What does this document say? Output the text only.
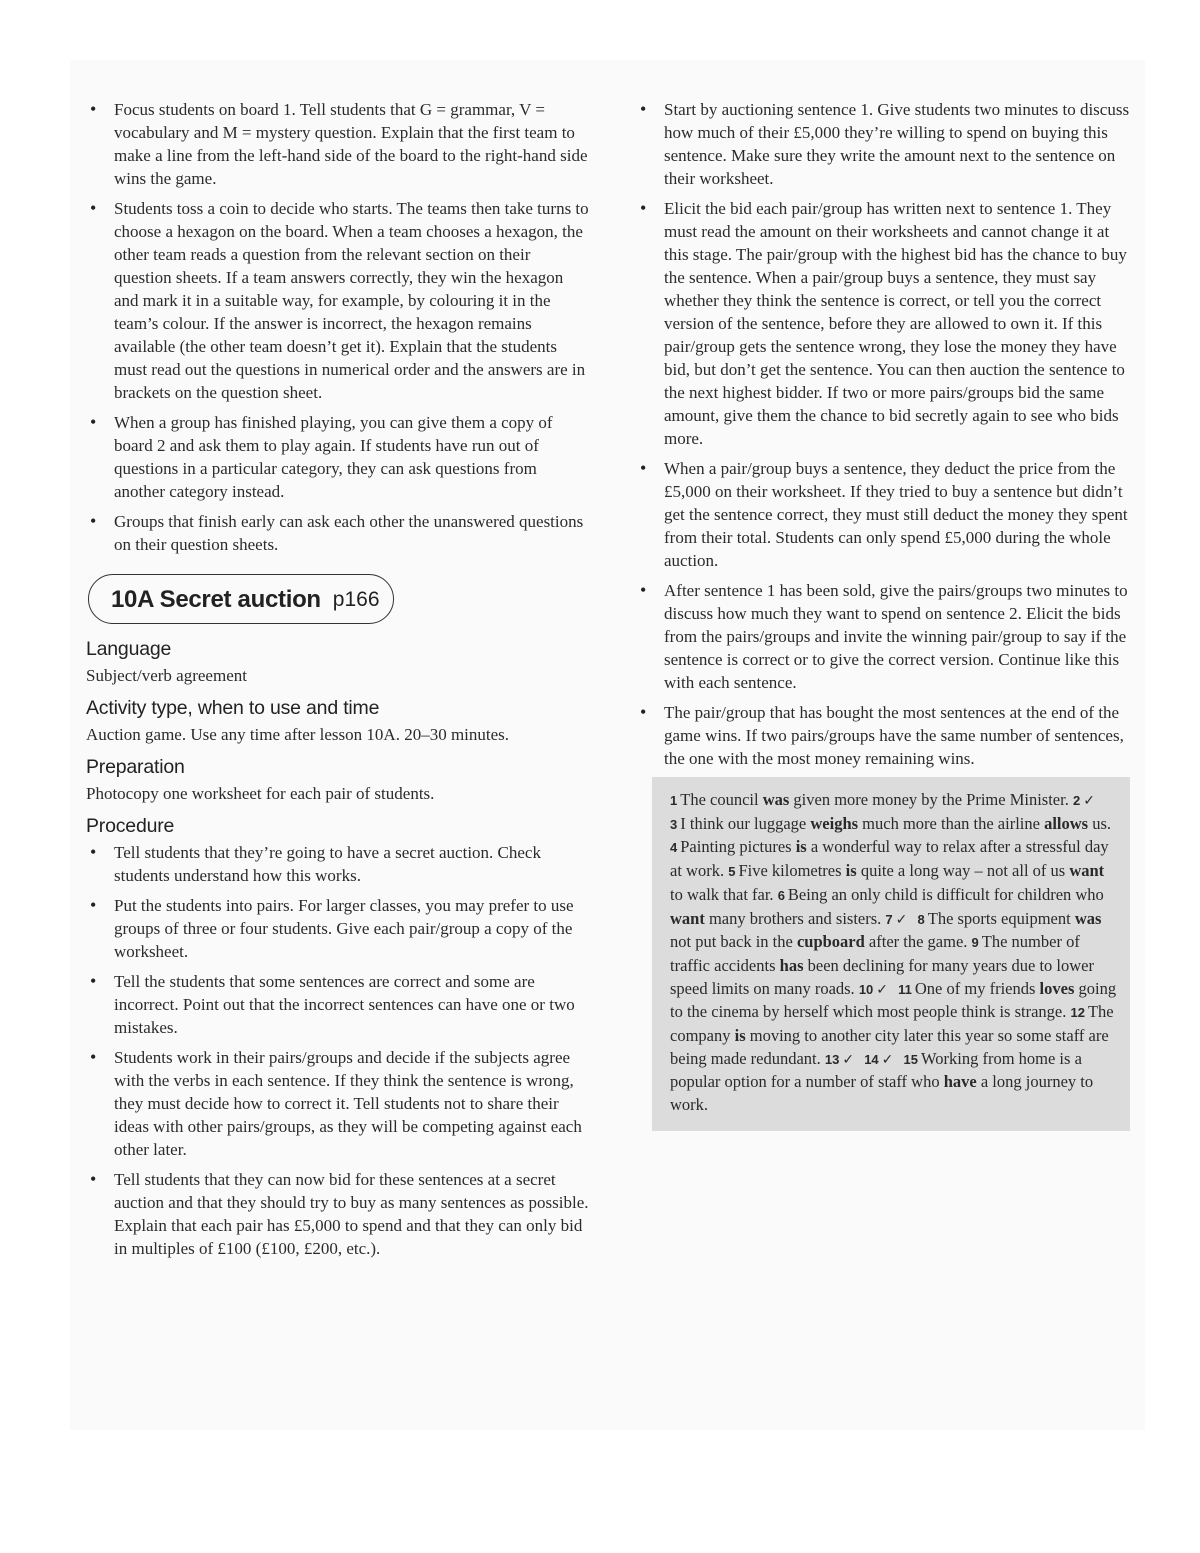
• Focus students on board 1. Tell students that G = grammar, V = vocabulary and M = mystery question. Explain that the first team to make a line from the left-hand side of the board to the right-hand side wins the game.
• Students toss a coin to decide who starts. The teams then take turns to choose a hexagon on the board. When a team chooses a hexagon, the other team reads a question from the relevant section on their question sheets. If a team answers correctly, they win the hexagon and mark it in a suitable way, for example, by colouring it in the team’s colour. If the answer is incorrect, the hexagon remains available (the other team doesn’t get it). Explain that the students must read out the questions in numerical order and the answers are in brackets on the question sheet.
• When a group has finished playing, you can give them a copy of board 2 and ask them to play again. If students have run out of questions in a particular category, they can ask questions from another category instead.
• Groups that finish early can ask each other the unanswered questions on their question sheets.
10A Secret auction p166
Language
Subject/verb agreement
Activity type, when to use and time
Auction game. Use any time after lesson 10A. 20–30 minutes.
Preparation
Photocopy one worksheet for each pair of students.
Procedure
• Tell students that they’re going to have a secret auction. Check students understand how this works.
• Put the students into pairs. For larger classes, you may prefer to use groups of three or four students. Give each pair/group a copy of the worksheet.
• Tell the students that some sentences are correct and some are incorrect. Point out that the incorrect sentences can have one or two mistakes.
• Students work in their pairs/groups and decide if the subjects agree with the verbs in each sentence. If they think the sentence is wrong, they must decide how to correct it. Tell students not to share their ideas with other pairs/groups, as they will be competing against each other later.
• Tell students that they can now bid for these sentences at a secret auction and that they should try to buy as many sentences as possible. Explain that each pair has £5,000 to spend and that they can only bid in multiples of £100 (£100, £200, etc.).
• Start by auctioning sentence 1. Give students two minutes to discuss how much of their £5,000 they’re willing to spend on buying this sentence. Make sure they write the amount next to the sentence on their worksheet.
• Elicit the bid each pair/group has written next to sentence 1. They must read the amount on their worksheets and cannot change it at this stage. The pair/group with the highest bid has the chance to buy the sentence. When a pair/group buys a sentence, they must say whether they think the sentence is correct, or tell you the correct version of the sentence, before they are allowed to own it. If this pair/group gets the sentence wrong, they lose the money they have bid, but don’t get the sentence. You can then auction the sentence to the next highest bidder. If two or more pairs/groups bid the same amount, give them the chance to bid secretly again to see who bids more.
• When a pair/group buys a sentence, they deduct the price from the £5,000 on their worksheet. If they tried to buy a sentence but didn’t get the sentence correct, they must still deduct the money they spent from their total. Students can only spend £5,000 during the whole auction.
• After sentence 1 has been sold, give the pairs/groups two minutes to discuss how much they want to spend on sentence 2. Elicit the bids from the pairs/groups and invite the winning pair/group to say if the sentence is correct or to give the correct version. Continue like this with each sentence.
• The pair/group that has bought the most sentences at the end of the game wins. If two pairs/groups have the same number of sentences, the one with the most money remaining wins.
1 The council was given more money by the Prime Minister. 2 ✓ 3 I think our luggage weighs much more than the airline allows us. 4 Painting pictures is a wonderful way to relax after a stressful day at work. 5 Five kilometres is quite a long way – not all of us want to walk that far. 6 Being an only child is difficult for children who want many brothers and sisters. 7 ✓ 8 The sports equipment was not put back in the cupboard after the game. 9 The number of traffic accidents has been declining for many years due to lower speed limits on many roads. 10 ✓ 11 One of my friends loves going to the cinema by herself which most people think is strange. 12 The company is moving to another city later this year so some staff are being made redundant. 13 ✓ 14 ✓ 15 Working from home is a popular option for a number of staff who have a long journey to work.
